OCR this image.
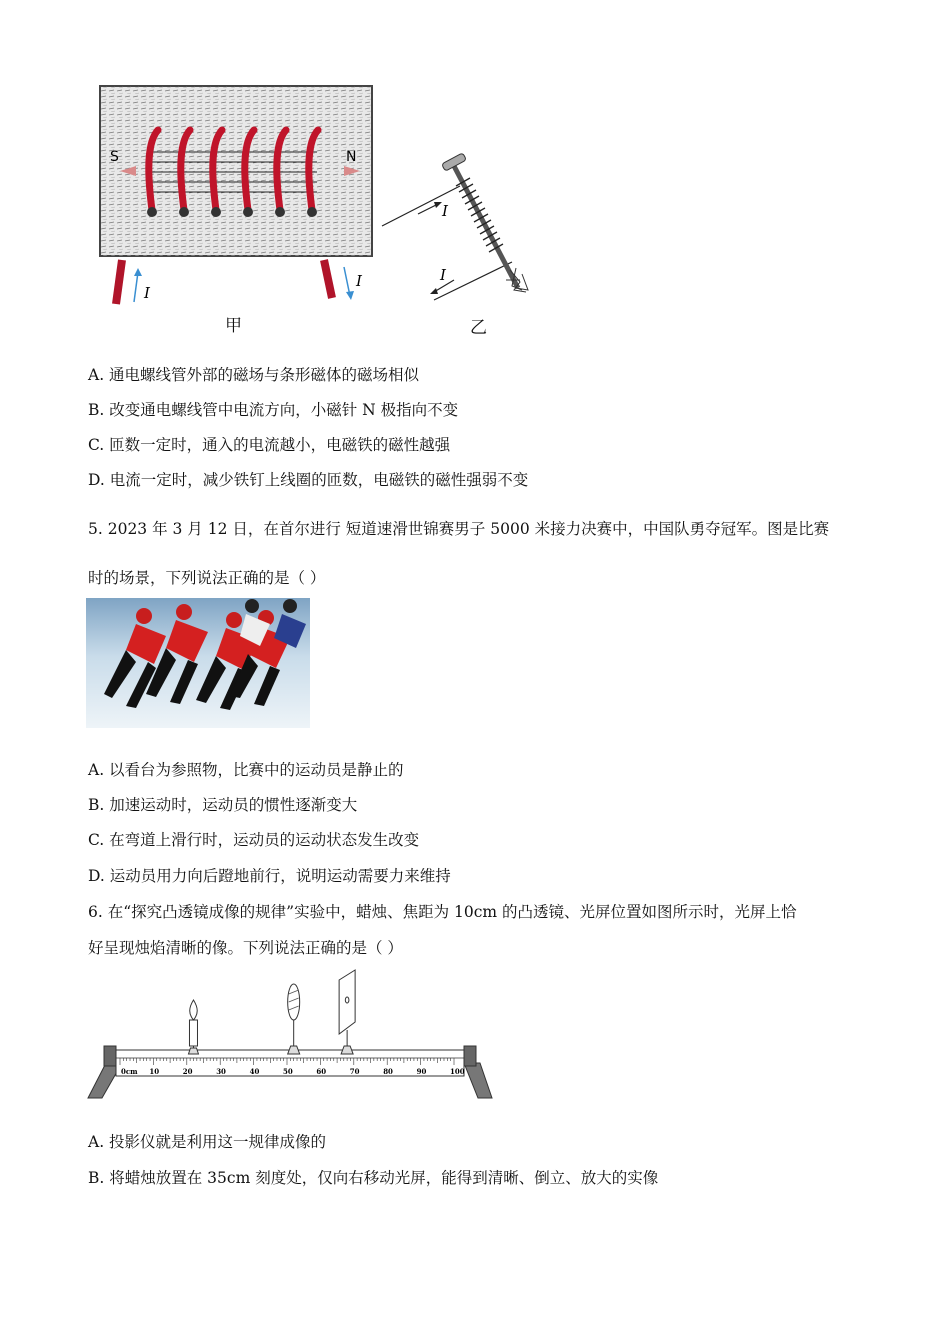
S	N
I
I
I
I
甲	乙
A. 通电螺线管外部的磁场与条形磁体的磁场相似
B. 改变通电螺线管中电流方向，小磁针 N 极指向不变
C. 匝数一定时，通入的电流越小，电磁铁的磁性越强
D. 电流一定时，减少铁钉上线圈的匝数，电磁铁的磁性强弱不变
5. 2023 年 3 月 12 日，在首尔进行 短道速滑世锦赛男子 5000 米接力决赛中，中国队勇夺冠军。图是比赛
时的场景，下列说法正确的是（ ）
A. 以看台为参照物，比赛中的运动员是静止的
B. 加速运动时，运动员的惯性逐渐变大
C. 在弯道上滑行时，运动员的运动状态发生改变
D. 运动员用力向后蹬地前行，说明运动需要力来维持
6. 在“探究凸透镜成像的规律”实验中，蜡烛、焦距为 10cm 的凸透镜、光屏位置如图所示时，光屏上恰
好呈现烛焰清晰的像。下列说法正确的是（ ）
0cm 10	20	30	40	50	60	70	80	90	100
A. 投影仪就是利用这一规律成像的
B. 将蜡烛放置在 35cm 刻度处，仅向右移动光屏，能得到清晰、倒立、放大的实像
